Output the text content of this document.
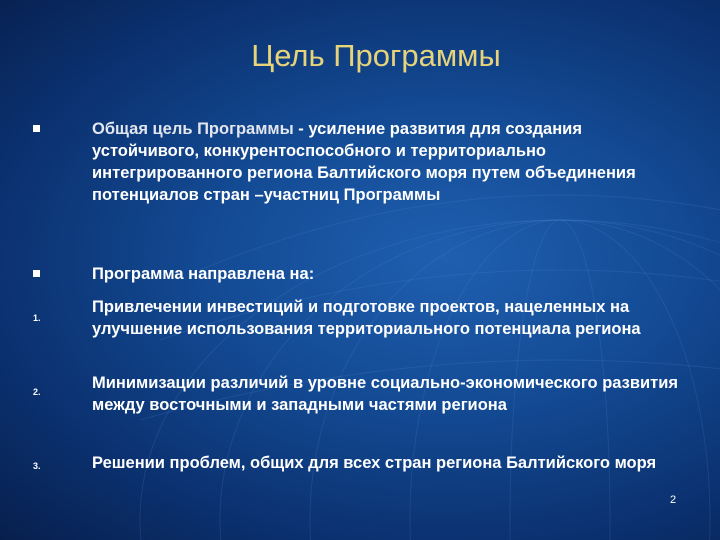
Цель Программы
Общая цель Программы - усиление развития для создания устойчивого, конкурентоспособного и территориально интегрированного региона Балтийского моря путем объединения потенциалов стран –участниц Программы
Программа направлена на:
1.
Привлечении инвестиций и подготовке проектов, нацеленных на улучшение использования территориального потенциала региона
2.	Минимизации различий в уровне социально-экономического развития между восточными и западными частями региона
3.	Решении проблем, общих для всех стран региона Балтийского моря
2
